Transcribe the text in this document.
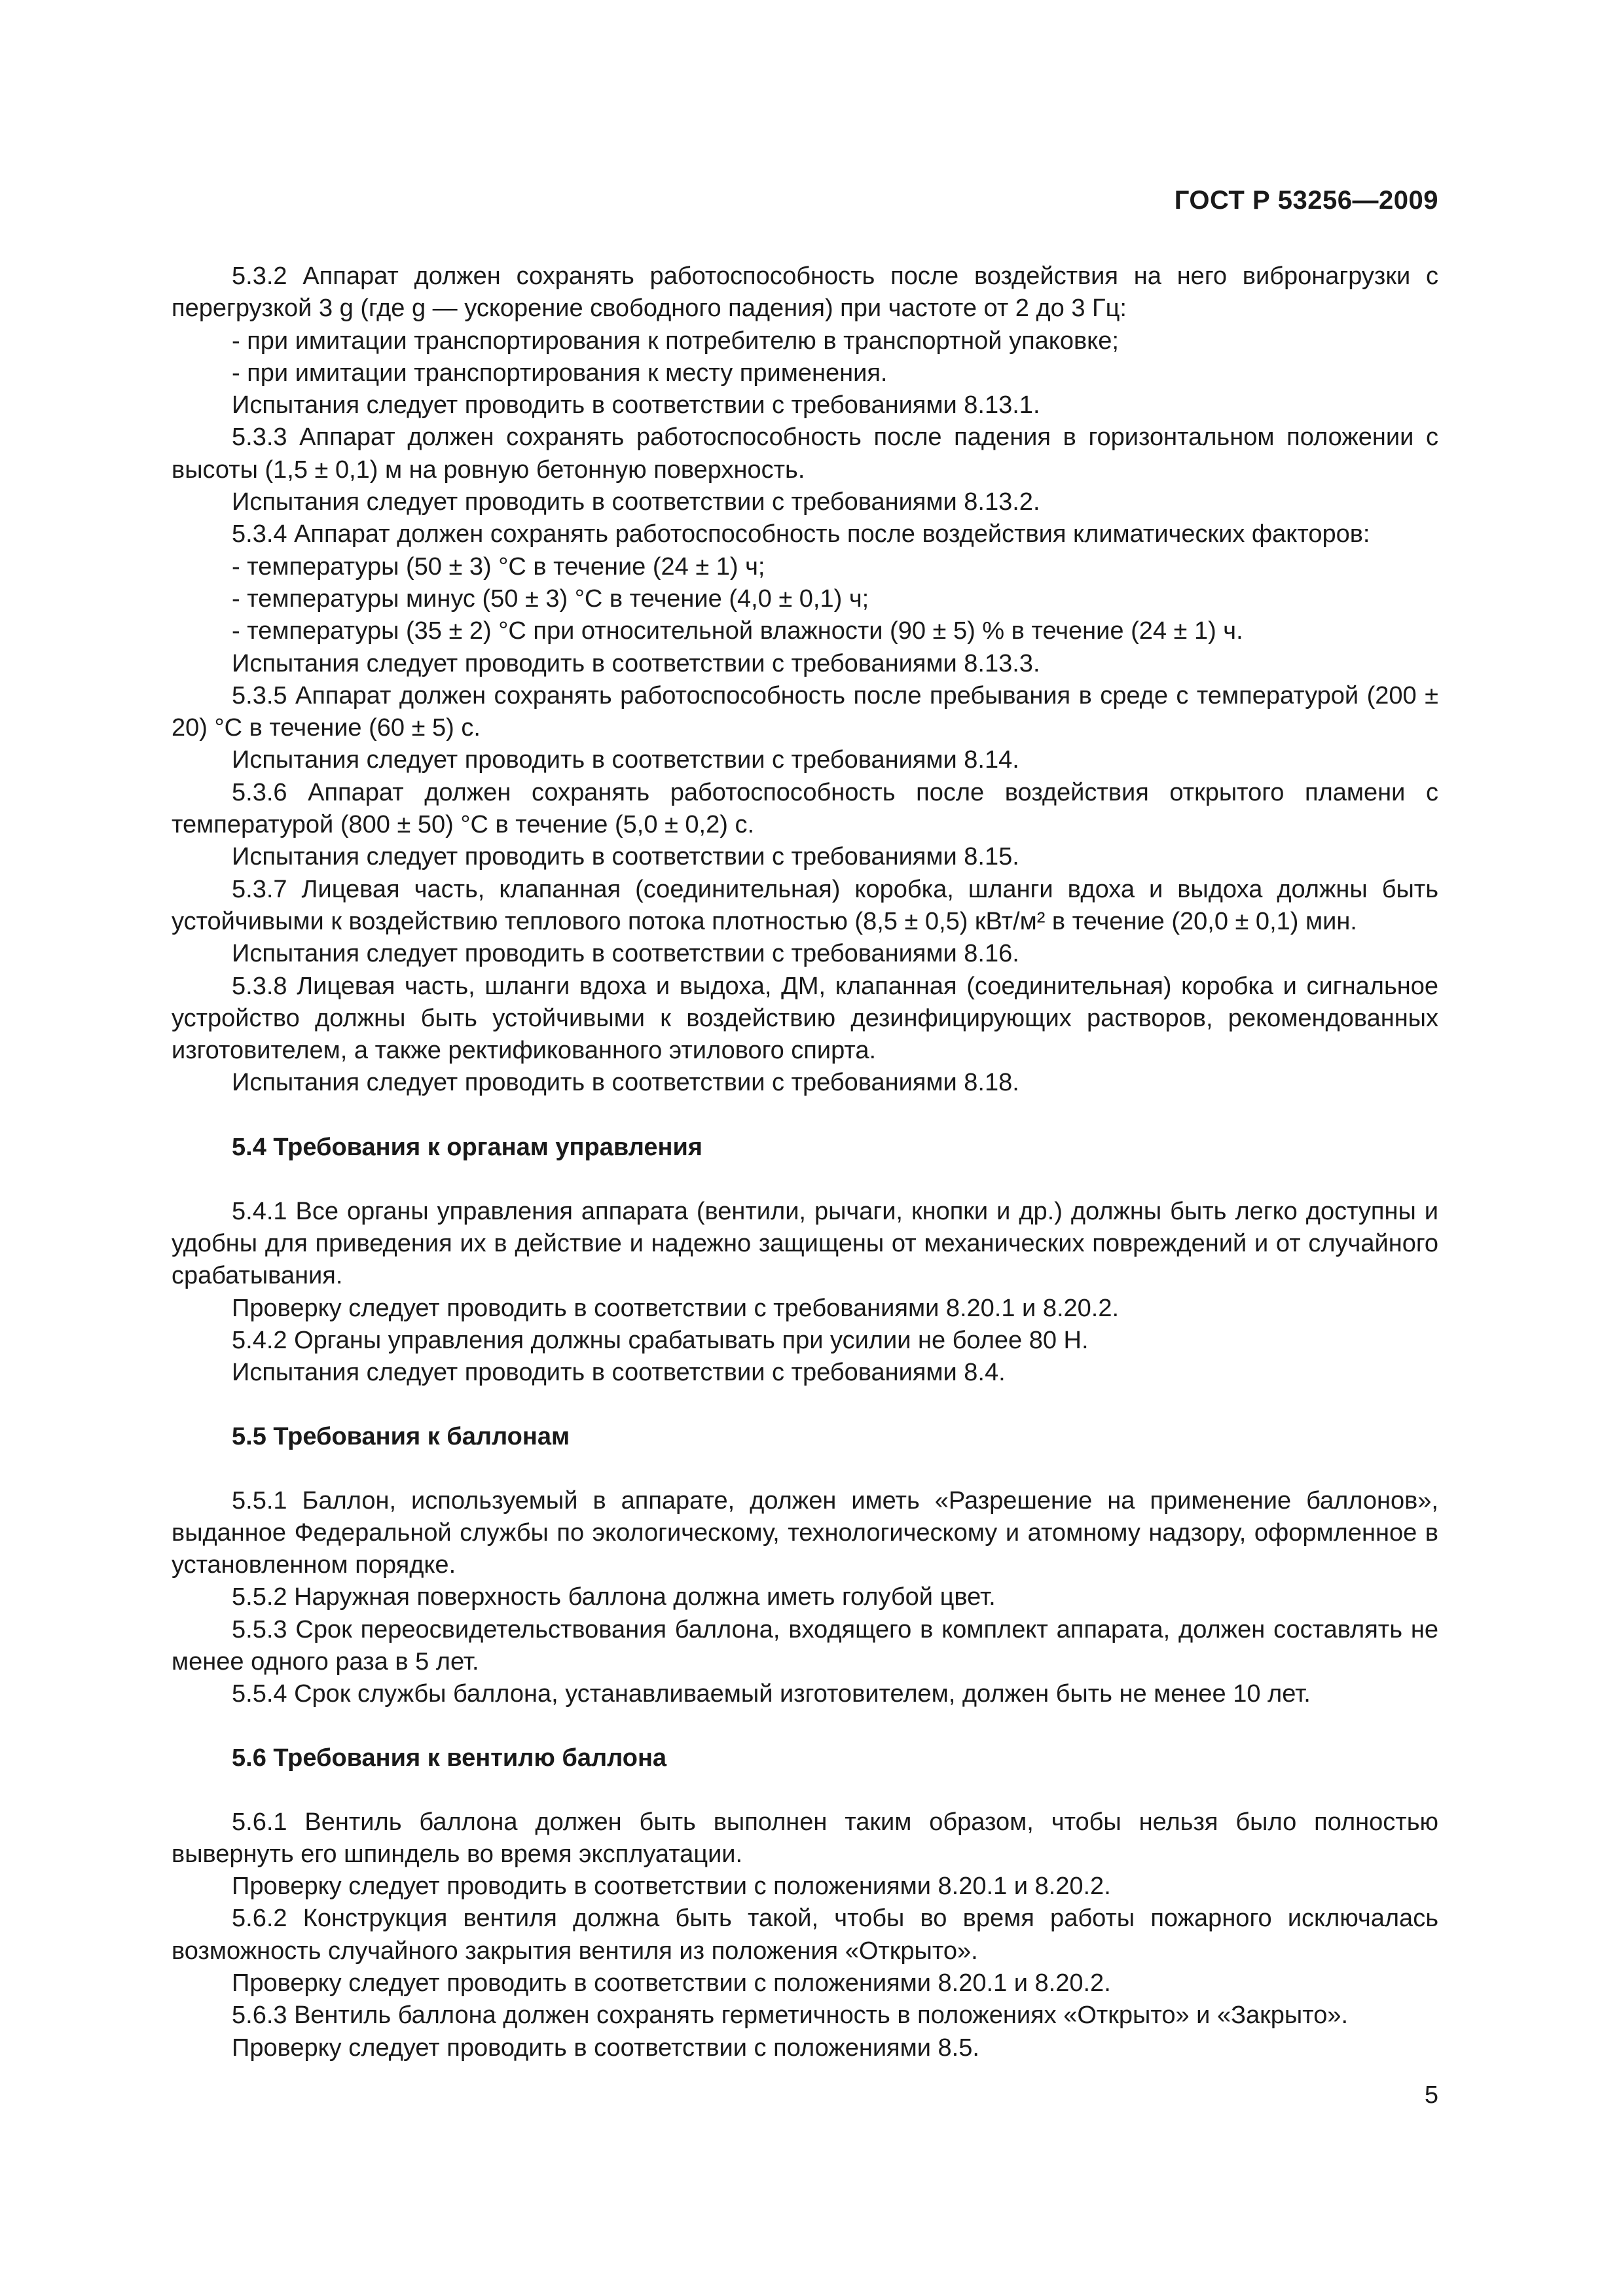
ГОСТ Р 53256—2009

5.3.2 Аппарат должен сохранять работоспособность после воздействия на него вибронагрузки с перегрузкой 3 g (где g — ускорение свободного падения) при частоте от 2 до 3 Гц:

- при имитации транспортирования к потребителю в транспортной упаковке;

- при имитации транспортирования к месту применения.

Испытания следует проводить в соответствии с требованиями 8.13.1.

5.3.3 Аппарат должен сохранять работоспособность после падения в горизонтальном положении с высоты (1,5 ± 0,1) м на ровную бетонную поверхность.

Испытания следует проводить в соответствии с требованиями 8.13.2.

5.3.4 Аппарат должен сохранять работоспособность после воздействия климатических факторов:

- температуры (50 ± 3) °С в течение (24 ± 1) ч;

- температуры минус (50 ± 3) °С в течение (4,0 ± 0,1) ч;

- температуры (35 ± 2) °С при относительной влажности (90 ± 5) % в течение (24 ± 1) ч.

Испытания следует проводить в соответствии с требованиями 8.13.3.

5.3.5 Аппарат должен сохранять работоспособность после пребывания в среде с температурой (200 ± 20) °С в течение (60 ± 5) с.

Испытания следует проводить в соответствии с требованиями 8.14.

5.3.6 Аппарат должен сохранять работоспособность после воздействия открытого пламени с температурой (800 ± 50) °С в течение (5,0 ± 0,2) с.

Испытания следует проводить в соответствии с требованиями 8.15.

5.3.7 Лицевая часть, клапанная (соединительная) коробка, шланги вдоха и выдоха должны быть устойчивыми к воздействию теплового потока плотностью (8,5 ± 0,5) кВт/м² в течение (20,0 ± 0,1) мин.

Испытания следует проводить в соответствии с требованиями 8.16.

5.3.8 Лицевая часть, шланги вдоха и выдоха, ДМ, клапанная (соединительная) коробка и сигнальное устройство должны быть устойчивыми к воздействию дезинфицирующих растворов, рекомендованных изготовителем, а также ректификованного этилового спирта.

Испытания следует проводить в соответствии с требованиями 8.18.

5.4 Требования к органам управления

5.4.1 Все органы управления аппарата (вентили, рычаги, кнопки и др.) должны быть легко доступны и удобны для приведения их в действие и надежно защищены от механических повреждений и от случайного срабатывания.

Проверку следует проводить в соответствии с требованиями 8.20.1 и 8.20.2.

5.4.2 Органы управления должны срабатывать при усилии не более 80 Н.

Испытания следует проводить в соответствии с требованиями 8.4.

5.5 Требования к баллонам

5.5.1 Баллон, используемый в аппарате, должен иметь «Разрешение на применение баллонов», выданное Федеральной службы по экологическому, технологическому и атомному надзору, оформленное в установленном порядке.

5.5.2 Наружная поверхность баллона должна иметь голубой цвет.

5.5.3 Срок переосвидетельствования баллона, входящего в комплект аппарата, должен составлять не менее одного раза в 5 лет.

5.5.4 Срок службы баллона, устанавливаемый изготовителем, должен быть не менее 10 лет.

5.6 Требования к вентилю баллона

5.6.1 Вентиль баллона должен быть выполнен таким образом, чтобы нельзя было полностью вывернуть его шпиндель во время эксплуатации.

Проверку следует проводить в соответствии с положениями 8.20.1 и 8.20.2.

5.6.2 Конструкция вентиля должна быть такой, чтобы во время работы пожарного исключалась возможность случайного закрытия вентиля из положения «Открыто».

Проверку следует проводить в соответствии с положениями 8.20.1 и 8.20.2.

5.6.3 Вентиль баллона должен сохранять герметичность в положениях «Открыто» и «Закрыто».

Проверку следует проводить в соответствии с положениями 8.5.

5
